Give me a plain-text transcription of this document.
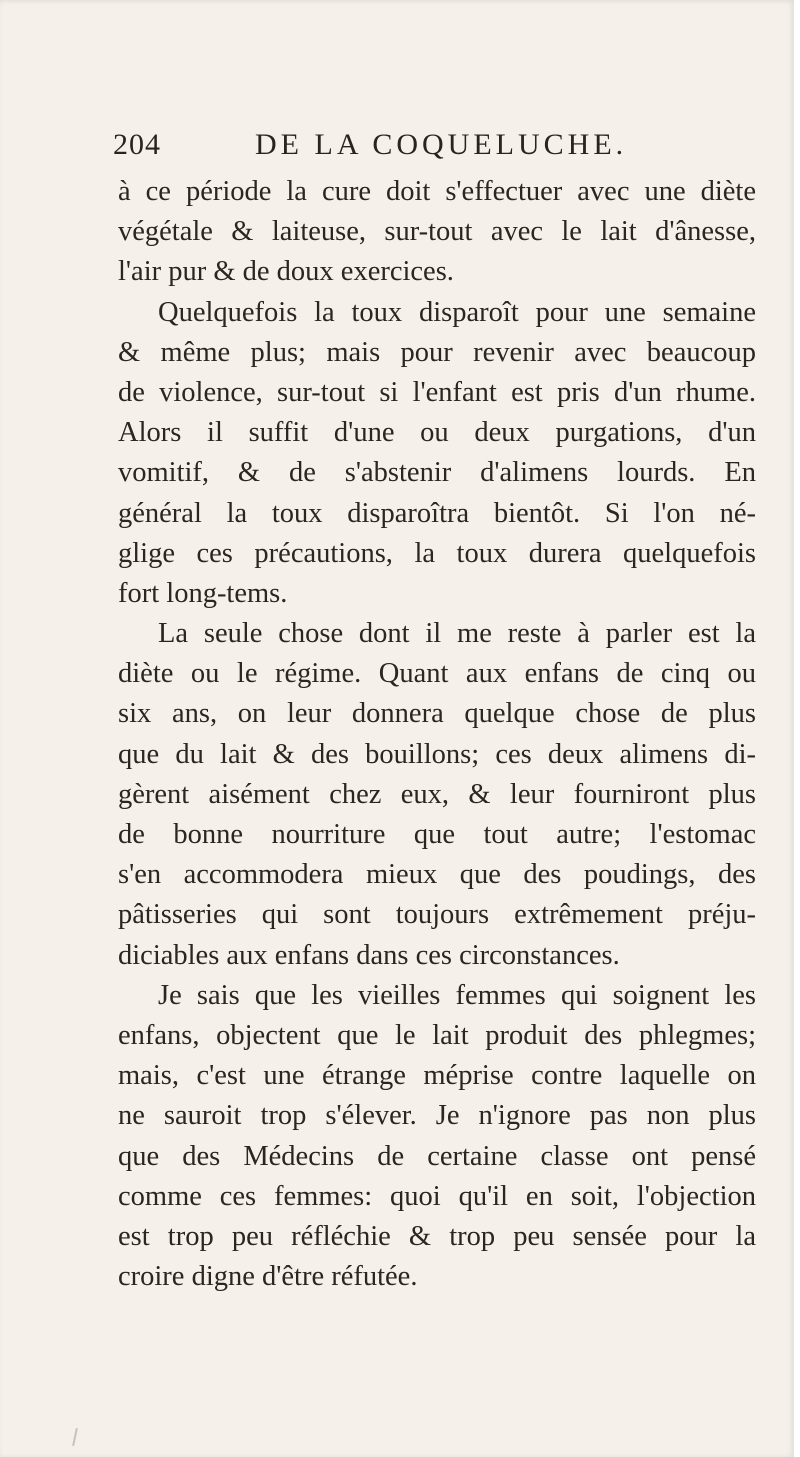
204	DE LA COQUELUCHE.
à ce période la cure doit s'effectuer avec une diète
végétale & laiteuse, sur-tout avec le lait d'ânesse,
l'air pur & de doux exercices.
Quelquefois la toux disparoît pour une semaine
& même plus; mais pour revenir avec beaucoup
de violence, sur-tout si l'enfant est pris d'un rhume.
Alors il suffit d'une ou deux purgations, d'un
vomitif, & de s'abstenir d'alimens lourds. En
général la toux disparoîtra bientôt. Si l'on né-
glige ces précautions, la toux durera quelquefois
fort long-tems.
La seule chose dont il me reste à parler est la
diète ou le régime. Quant aux enfans de cinq ou
six ans, on leur donnera quelque chose de plus
que du lait & des bouillons; ces deux alimens di-
gèrent aisément chez eux, & leur fourniront plus
de bonne nourriture que tout autre; l'estomac
s'en accommodera mieux que des poudings, des
pâtisseries qui sont toujours extrêmement préju-
diciables aux enfans dans ces circonstances.
Je sais que les vieilles femmes qui soignent les
enfans, objectent que le lait produit des phlegmes;
mais, c'est une étrange méprise contre laquelle on
ne sauroit trop s'élever. Je n'ignore pas non plus
que des Médecins de certaine classe ont pensé
comme ces femmes: quoi qu'il en soit, l'objection
est trop peu réfléchie & trop peu sensée pour la
croire digne d'être réfutée.
